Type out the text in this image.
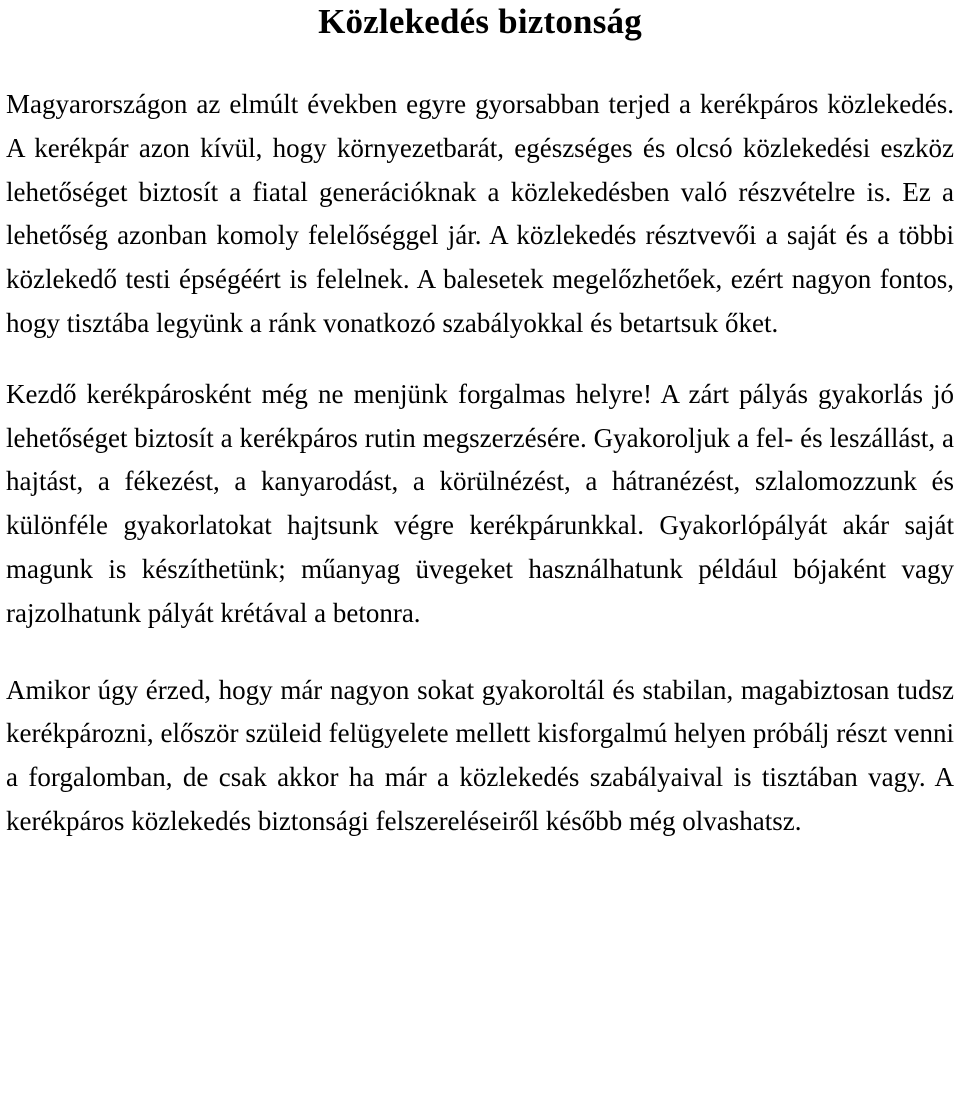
Közlekedés biztonság

Magyarországon az elmúlt években egyre gyorsabban terjed a kerékpáros közlekedés. A kerékpár azon kívül, hogy környezetbarát, egészséges és olcsó közlekedési eszköz lehetőséget biztosít a fiatal generációknak a közlekedésben való részvételre is. Ez a lehetőség azonban komoly felelőséggel jár. A közlekedés résztvevői a saját és a többi közlekedő testi épségéért is felelnek. A balesetek megelőzhetőek, ezért nagyon fontos, hogy tisztába legyünk a ránk vonatkozó szabályokkal és betartsuk őket.

Kezdő kerékpárosként még ne menjünk forgalmas helyre! A zárt pályás gyakorlás jó lehetőséget biztosít a kerékpáros rutin megszerzésére. Gyakoroljuk a fel- és leszállást, a hajtást, a fékezést, a kanyarodást, a körülnézést, a hátranézést, szlalomozzunk és különféle gyakorlatokat hajtsunk végre kerékpárunkkal. Gyakorlópályát akár saját magunk is készíthetünk; műanyag üvegeket használhatunk például bójaként vagy rajzolhatunk pályát krétával a betonra.

Amikor úgy érzed, hogy már nagyon sokat gyakoroltál és stabilan, magabiztosan tudsz kerékpározni, először szüleid felügyelete mellett kisforgalmú helyen próbálj részt venni a forgalomban, de csak akkor ha már a közlekedés szabályaival is tisztában vagy. A kerékpáros közlekedés biztonsági felszereléseiről később még olvashatsz.
